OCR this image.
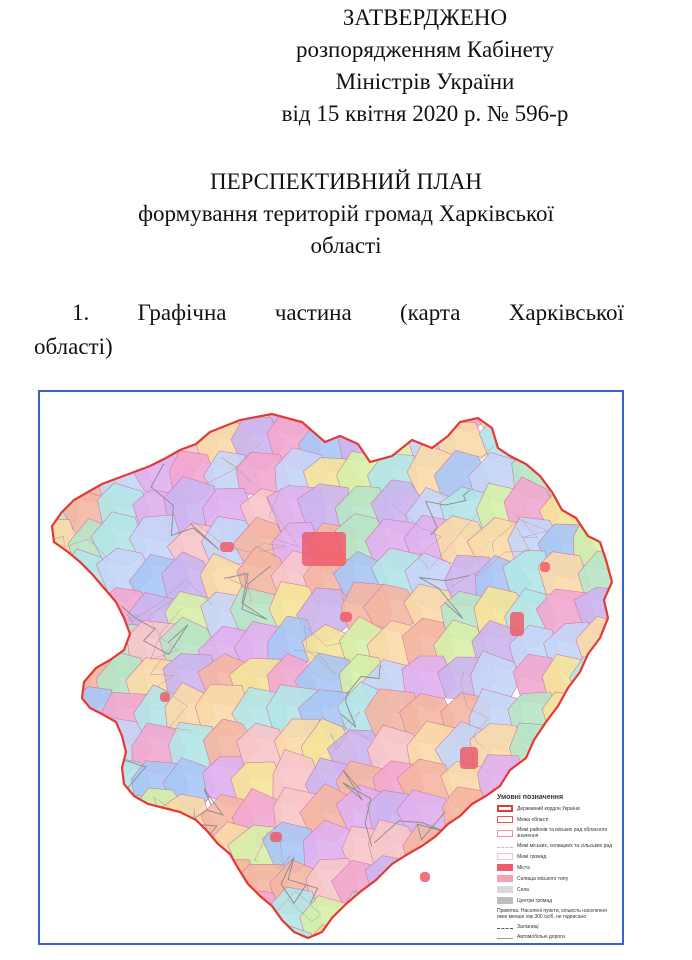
ЗАТВЕРДЖЕНО
розпорядженням Кабінету
Міністрів України
від 15 квітня 2020 р. № 596-р
ПЕРСПЕКТИВНИЙ ПЛАН
формування територій громад Харківської
області
1. Графічна частина (карта Харківської
області)
Умовні позначення
Державний кордон України
Межа області
Межі районів та міських рад обласного значення
Межі міських, селищних та сільських рад
Межі громад
Міста
Селища міського типу
Села
Центри громад
Примітка. Населені пункти, кількість населення яких менше ніж 300 осіб, не підписано
Залізниці
Автомобільні дороги
